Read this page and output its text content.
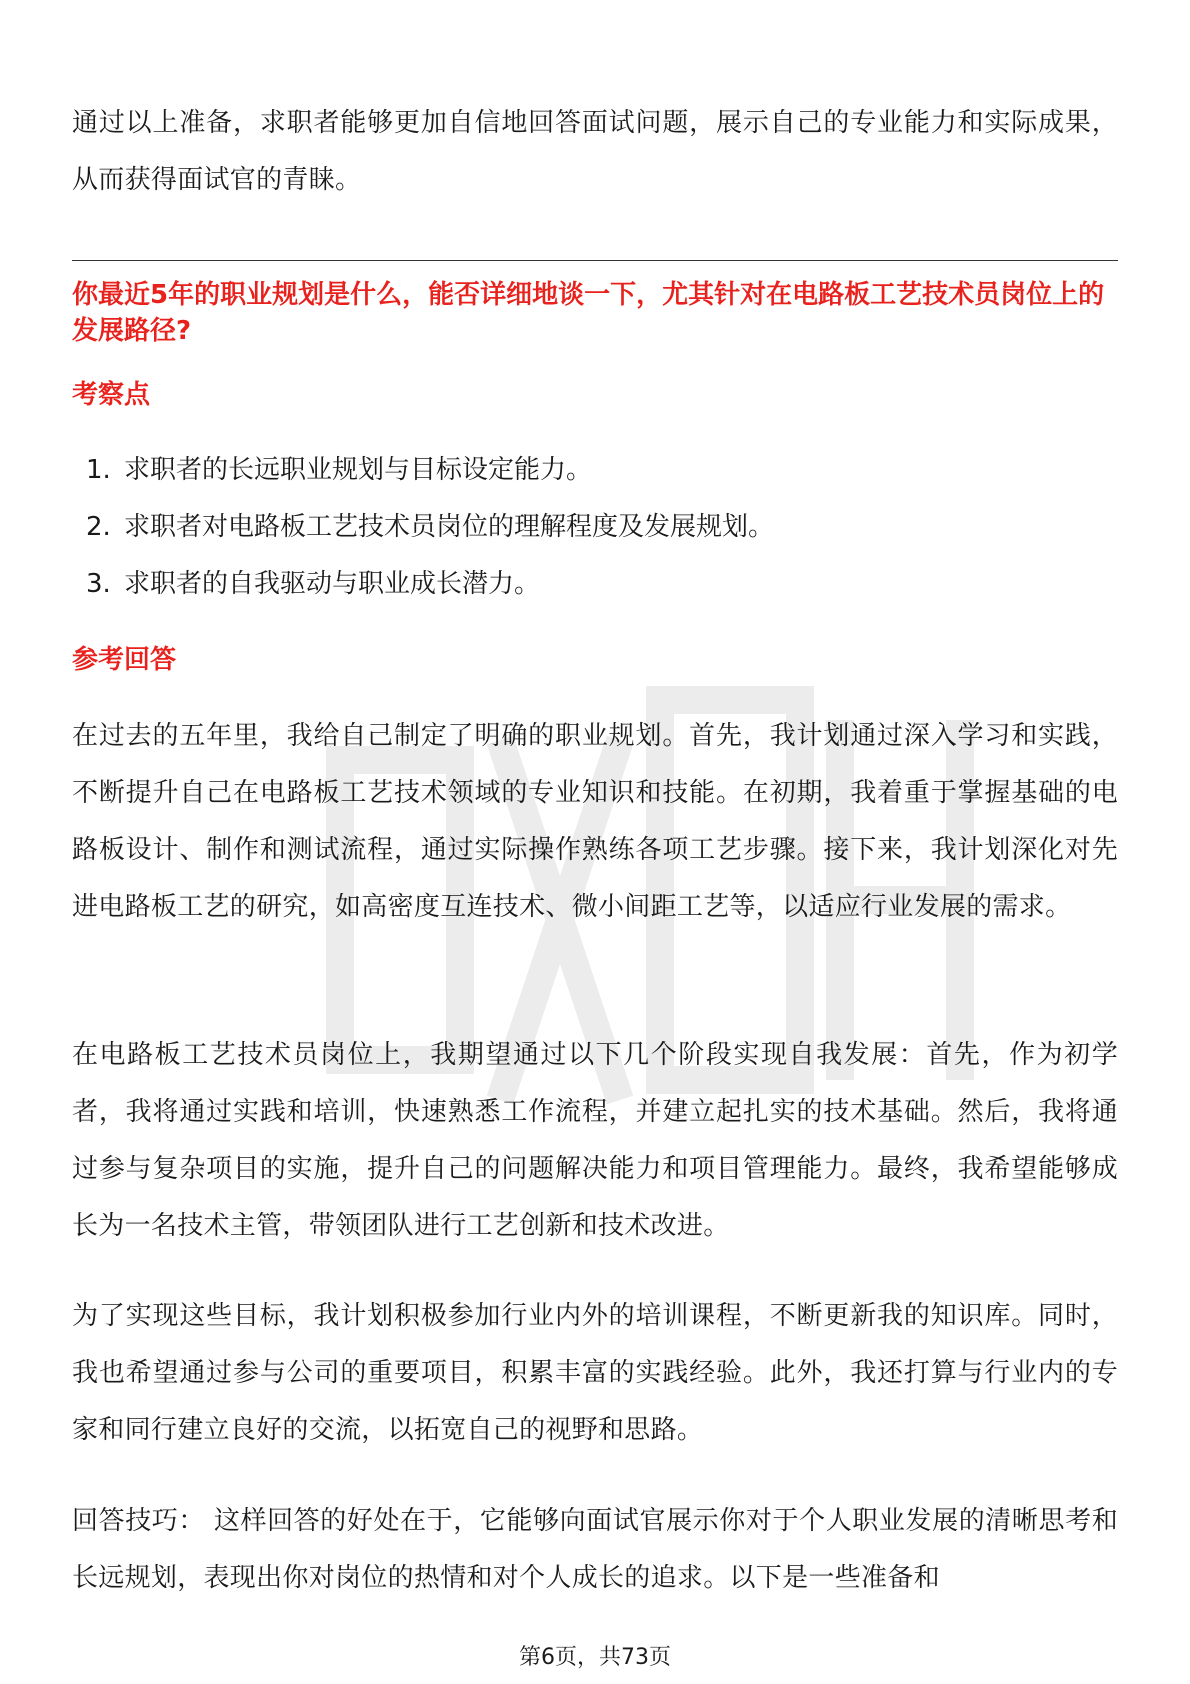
通过以上准备，求职者能够更加自信地回答面试问题，展示自己的专业能力和实际成果，从而获得面试官的青睐。

你最近5年的职业规划是什么，能否详细地谈一下，尤其针对在电路板工艺技术员岗位上的发展路径?
考察点
1. 求职者的长远职业规划与目标设定能力。
2. 求职者对电路板工艺技术员岗位的理解程度及发展规划。
3. 求职者的自我驱动与职业成长潜力。
参考回答

在过去的五年里，我给自己制定了明确的职业规划。首先，我计划通过深入学习和实践，不断提升自己在电路板工艺技术领域的专业知识和技能。在初期，我着重于掌握基础的电路板设计、制作和测试流程，通过实际操作熟练各项工艺步骤。接下来，我计划深化对先进电路板工艺的研究，如高密度互连技术、微小间距工艺等，以适应行业发展的需求。

在电路板工艺技术员岗位上，我期望通过以下几个阶段实现自我发展：首先，作为初学者，我将通过实践和培训，快速熟悉工作流程，并建立起扎实的技术基础。然后，我将通过参与复杂项目的实施，提升自己的问题解决能力和项目管理能力。最终，我希望能够成长为一名技术主管，带领团队进行工艺创新和技术改进。

为了实现这些目标，我计划积极参加行业内外的培训课程，不断更新我的知识库。同时，我也希望通过参与公司的重要项目，积累丰富的实践经验。此外，我还打算与行业内的专家和同行建立良好的交流，以拓宽自己的视野和思路。

回答技巧： 这样回答的好处在于，它能够向面试官展示你对于个人职业发展的清晰思考和长远规划，表现出你对岗位的热情和对个人成长的追求。以下是一些准备和

第6页，共73页
